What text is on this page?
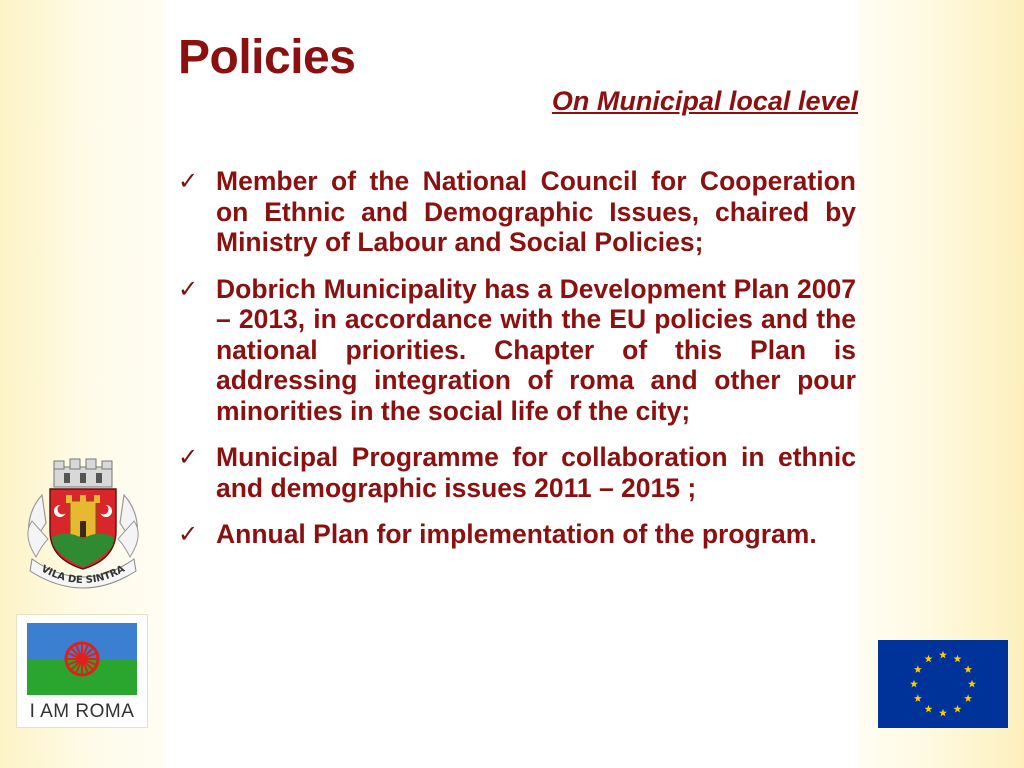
Policies
On Municipal local level
✓ Member of the National Council for Cooperation on Ethnic and Demographic Issues, chaired by Ministry of Labour and Social Policies;
✓ Dobrich Municipality has a Development Plan 2007 – 2013, in accordance with the EU policies and the national priorities. Chapter of this Plan is addressing integration of roma and other pour minorities in the social life of the city;
✓ Municipal Programme for collaboration in ethnic and demographic issues 2011 – 2015 ;
✓ Annual Plan for implementation of the program.
VILA DE SINTRA
I AM ROMA
